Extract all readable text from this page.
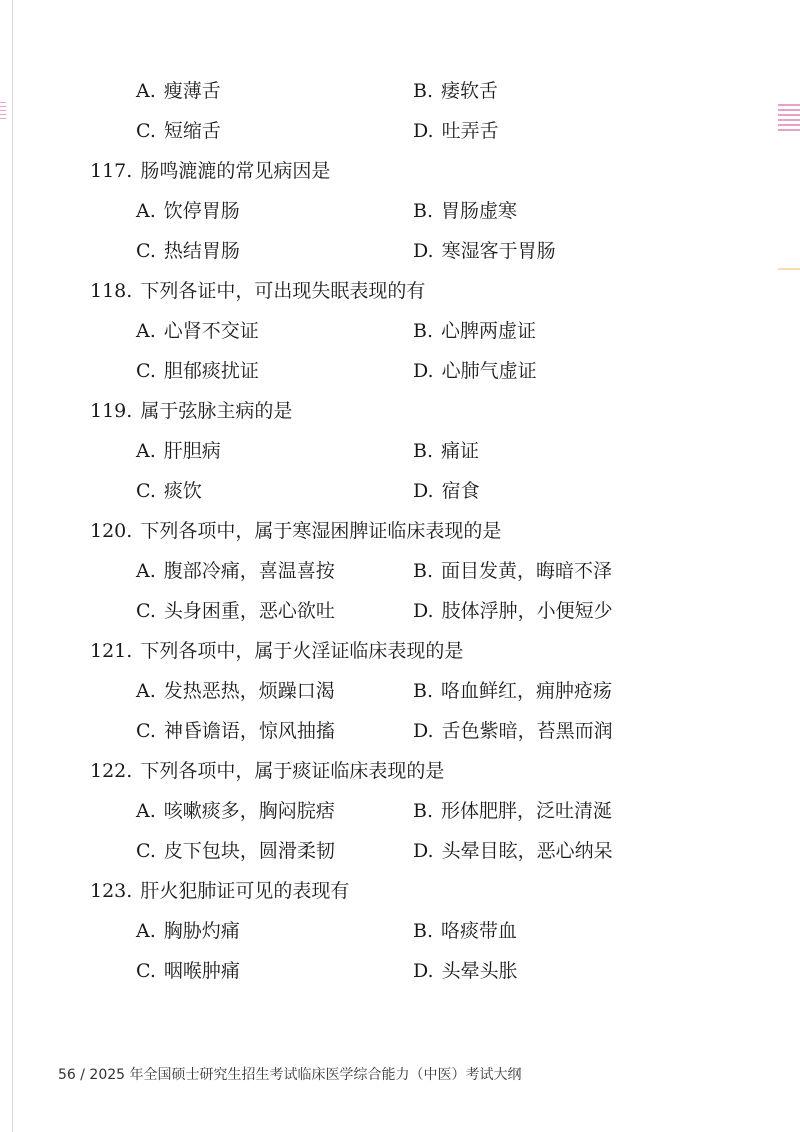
A. 瘦薄舌	B. 痿软舌
C. 短缩舌	D. 吐弄舌
117. 肠鸣漉漉的常见病因是
A. 饮停胃肠	B. 胃肠虚寒
C. 热结胃肠	D. 寒湿客于胃肠
118. 下列各证中，可出现失眠表现的有
A. 心肾不交证	B. 心脾两虚证
C. 胆郁痰扰证	D. 心肺气虚证
119. 属于弦脉主病的是
A. 肝胆病	B. 痛证
C. 痰饮	D. 宿食
120. 下列各项中，属于寒湿困脾证临床表现的是
A. 腹部冷痛，喜温喜按	B. 面目发黄，晦暗不泽
C. 头身困重，恶心欲吐	D. 肢体浮肿，小便短少
121. 下列各项中，属于火淫证临床表现的是
A. 发热恶热，烦躁口渴	B. 咯血鲜红，痈肿疮疡
C. 神昏谵语，惊风抽搐	D. 舌色紫暗，苔黑而润
122. 下列各项中，属于痰证临床表现的是
A. 咳嗽痰多，胸闷脘痞	B. 形体肥胖，泛吐清涎
C. 皮下包块，圆滑柔韧	D. 头晕目眩，恶心纳呆
123. 肝火犯肺证可见的表现有
A. 胸胁灼痛	B. 咯痰带血
C. 咽喉肿痛	D. 头晕头胀
56 / 2025 年全国硕士研究生招生考试临床医学综合能力（中医）考试大纲
